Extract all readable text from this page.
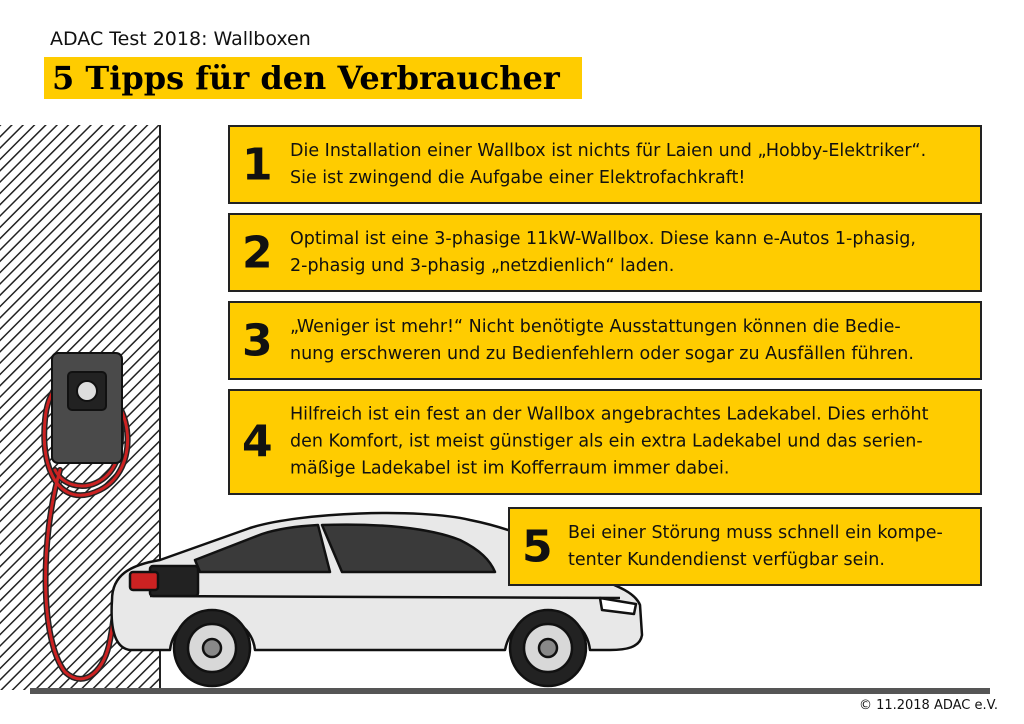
ADAC Test 2018: Wallboxen
5 Tipps für den Verbraucher
1 Die Installation einer Wallbox ist nichts für Laien und „Hobby-Elektriker“.
Sie ist zwingend die Aufgabe einer Elektrofachkraft!
2 Optimal ist eine 3-phasige 11kW-Wallbox. Diese kann e-Autos 1-phasig,
2-phasig und 3-phasig „netzdienlich“ laden.
3 „Weniger ist mehr!“ Nicht benötigte Ausstattungen können die Bedie-
nung erschweren und zu Bedienfehlern oder sogar zu Ausfällen führen.
4
Hilfreich ist ein fest an der Wallbox angebrachtes Ladekabel. Dies erhöht
den Komfort, ist meist günstiger als ein extra Ladekabel und das serien-
mäßige Ladekabel ist im Kofferraum immer dabei.
5 Bei einer Störung muss schnell ein kompe-
tenter Kundendienst verfügbar sein.
© 11.2018 ADAC e.V.
